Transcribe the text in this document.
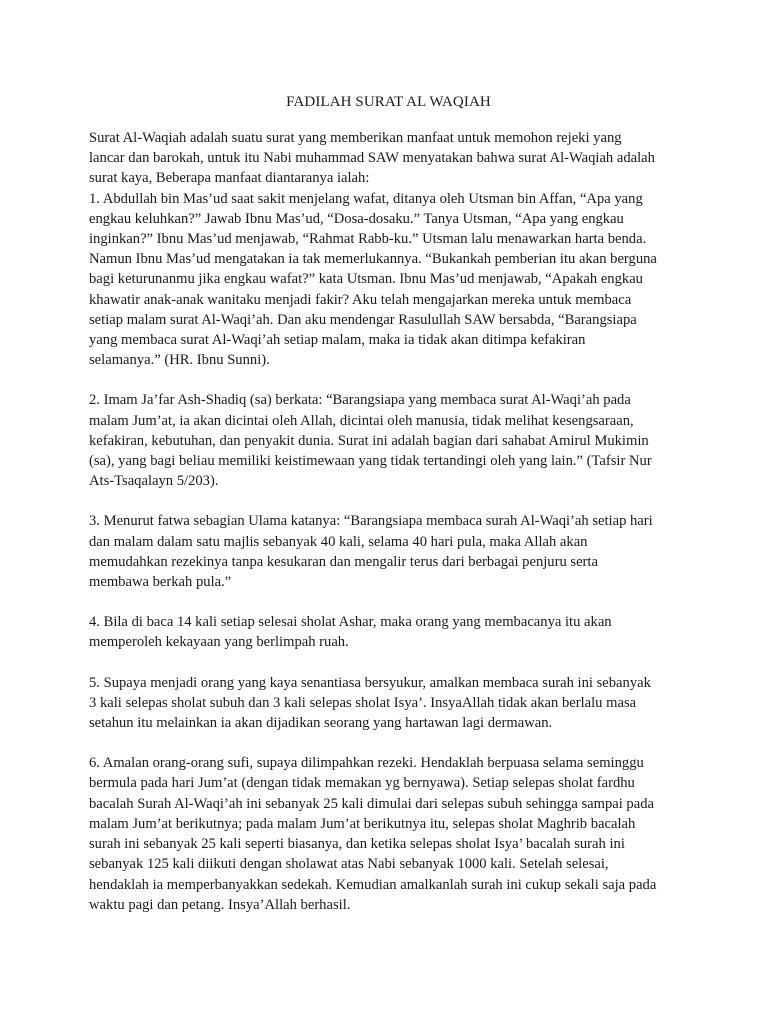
FADILAH SURAT AL WAQIAH
Surat Al-Waqiah adalah suatu surat yang memberikan manfaat untuk memohon rejeki yang
lancar dan barokah, untuk itu Nabi muhammad SAW menyatakan bahwa surat Al-Waqiah adalah
surat kaya, Beberapa manfaat diantaranya ialah:
1. Abdullah bin Mas’ud saat sakit menjelang wafat, ditanya oleh Utsman bin Affan, “Apa yang
engkau keluhkan?” Jawab Ibnu Mas’ud, “Dosa-dosaku.” Tanya Utsman, “Apa yang engkau
inginkan?” Ibnu Mas’ud menjawab, “Rahmat Rabb-ku.” Utsman lalu menawarkan harta benda.
Namun Ibnu Mas’ud mengatakan ia tak memerlukannya. “Bukankah pemberian itu akan berguna
bagi keturunanmu jika engkau wafat?” kata Utsman. Ibnu Mas’ud menjawab, “Apakah engkau
khawatir anak-anak wanitaku menjadi fakir? Aku telah mengajarkan mereka untuk membaca
setiap malam surat Al-Waqi’ah. Dan aku mendengar Rasulullah SAW bersabda, “Barangsiapa
yang membaca surat Al-Waqi’ah setiap malam, maka ia tidak akan ditimpa kefakiran
selamanya.” (HR. Ibnu Sunni).
2. Imam Ja’far Ash-Shadiq (sa) berkata: “Barangsiapa yang membaca surat Al-Waqi’ah pada
malam Jum’at, ia akan dicintai oleh Allah, dicintai oleh manusia, tidak melihat kesengsaraan,
kefakiran, kebutuhan, dan penyakit dunia. Surat ini adalah bagian dari sahabat Amirul Mukimin
(sa), yang bagi beliau memiliki keistimewaan yang tidak tertandingi oleh yang lain.” (Tafsir Nur
Ats-Tsaqalayn 5/203).
3. Menurut fatwa sebagian Ulama katanya: “Barangsiapa membaca surah Al-Waqi’ah setiap hari
dan malam dalam satu majlis sebanyak 40 kali, selama 40 hari pula, maka Allah akan
memudahkan rezekinya tanpa kesukaran dan mengalir terus dari berbagai penjuru serta
membawa berkah pula.”
4. Bila di baca 14 kali setiap selesai sholat Ashar, maka orang yang membacanya itu akan
memperoleh kekayaan yang berlimpah ruah.
5. Supaya menjadi orang yang kaya senantiasa bersyukur, amalkan membaca surah ini sebanyak
3 kali selepas sholat subuh dan 3 kali selepas sholat Isya’. InsyaAllah tidak akan berlalu masa
setahun itu melainkan ia akan dijadikan seorang yang hartawan lagi dermawan.
6. Amalan orang-orang sufi, supaya dilimpahkan rezeki. Hendaklah berpuasa selama seminggu
bermula pada hari Jum’at (dengan tidak memakan yg bernyawa). Setiap selepas sholat fardhu
bacalah Surah Al-Waqi’ah ini sebanyak 25 kali dimulai dari selepas subuh sehingga sampai pada
malam Jum’at berikutnya; pada malam Jum’at berikutnya itu, selepas sholat Maghrib bacalah
surah ini sebanyak 25 kali seperti biasanya, dan ketika selepas sholat Isya’ bacalah surah ini
sebanyak 125 kali diikuti dengan sholawat atas Nabi sebanyak 1000 kali. Setelah selesai,
hendaklah ia memperbanyakkan sedekah. Kemudian amalkanlah surah ini cukup sekali saja pada
waktu pagi dan petang. Insya’Allah berhasil.
